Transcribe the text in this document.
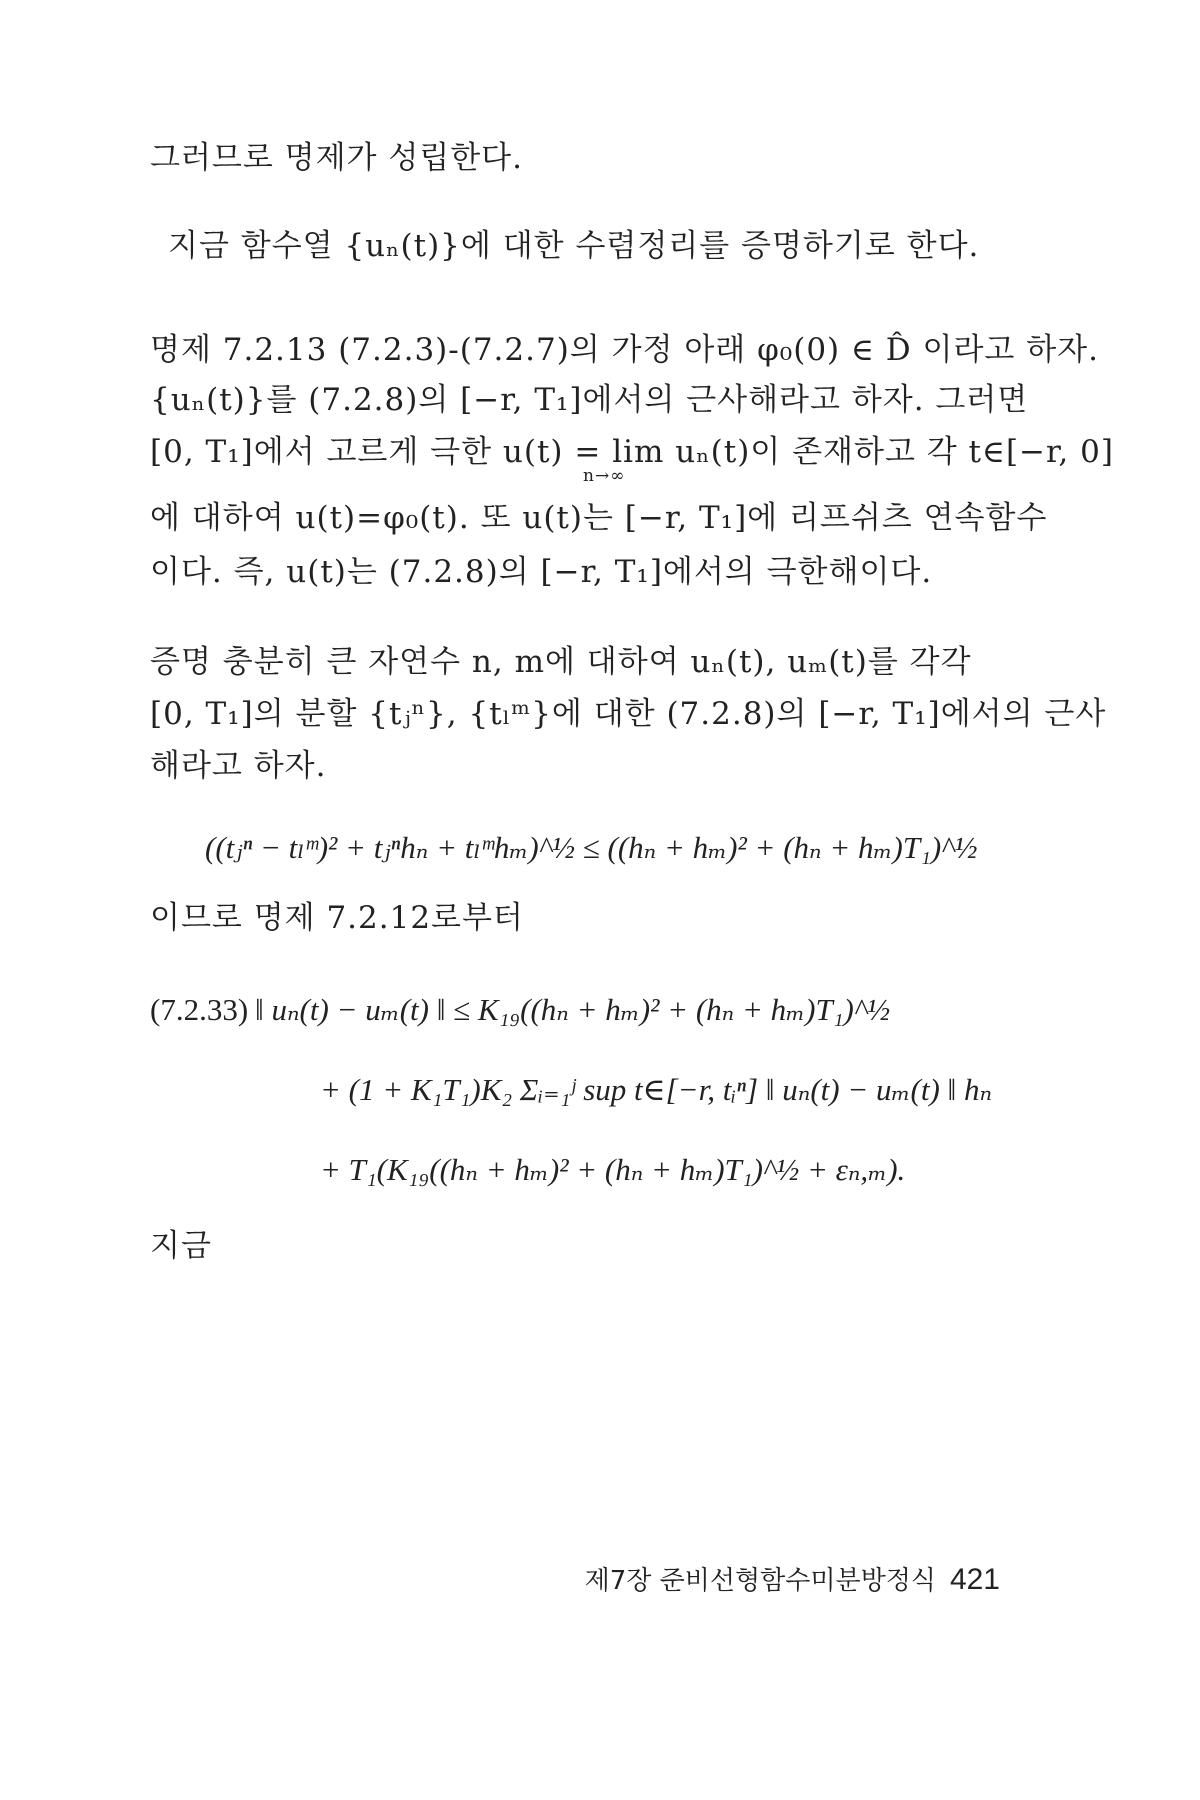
그러므로 명제가 성립한다.
지금 함수열 {uₙ(t)}에 대한 수렴정리를 증명하기로 한다.
명제 7.2.13 (7.2.3)-(7.2.7)의 가정 아래 φ₀(0) ∈ D̂ 이라고 하자.
{uₙ(t)}를 (7.2.8)의 [−r, T₁]에서의 근사해라고 하자. 그러면
[0, T₁]에서 고르게 극한 u(t) = lim uₙ(t)이 존재하고 각 t∈[−r, 0]
n→∞
에 대하여 u(t)=φ₀(t). 또 u(t)는 [−r, T₁]에 리프쉬츠 연속함수
이다. 즉, u(t)는 (7.2.8)의 [−r, T₁]에서의 극한해이다.
증명 충분히 큰 자연수 n, m에 대하여 uₙ(t), uₘ(t)를 각각
[0, T₁]의 분할 {tⱼⁿ}, {tₗᵐ}에 대한 (7.2.8)의 [−r, T₁]에서의 근사
해라고 하자.
((tⱼⁿ − tₗᵐ)² + tⱼⁿhₙ + tₗᵐhₘ)^½ ≤ ((hₙ + hₘ)² + (hₙ + hₘ)T₁)^½
이므로 명제 7.2.12로부터
(7.2.33) ‖ uₙ(t) − uₘ(t) ‖ ≤ K₁₉((hₙ + hₘ)² + (hₙ + hₘ)T₁)^½
+ (1 + K₁T₁)K₂ Σᵢ₌₁ʲ sup t∈[−r, tᵢⁿ] ‖ uₙ(t) − uₘ(t) ‖ hₙ
+ T₁(K₁₉((hₙ + hₘ)² + (hₙ + hₘ)T₁)^½ + εₙ,ₘ).
지금
제7장 준비선형함수미분방정식 421
